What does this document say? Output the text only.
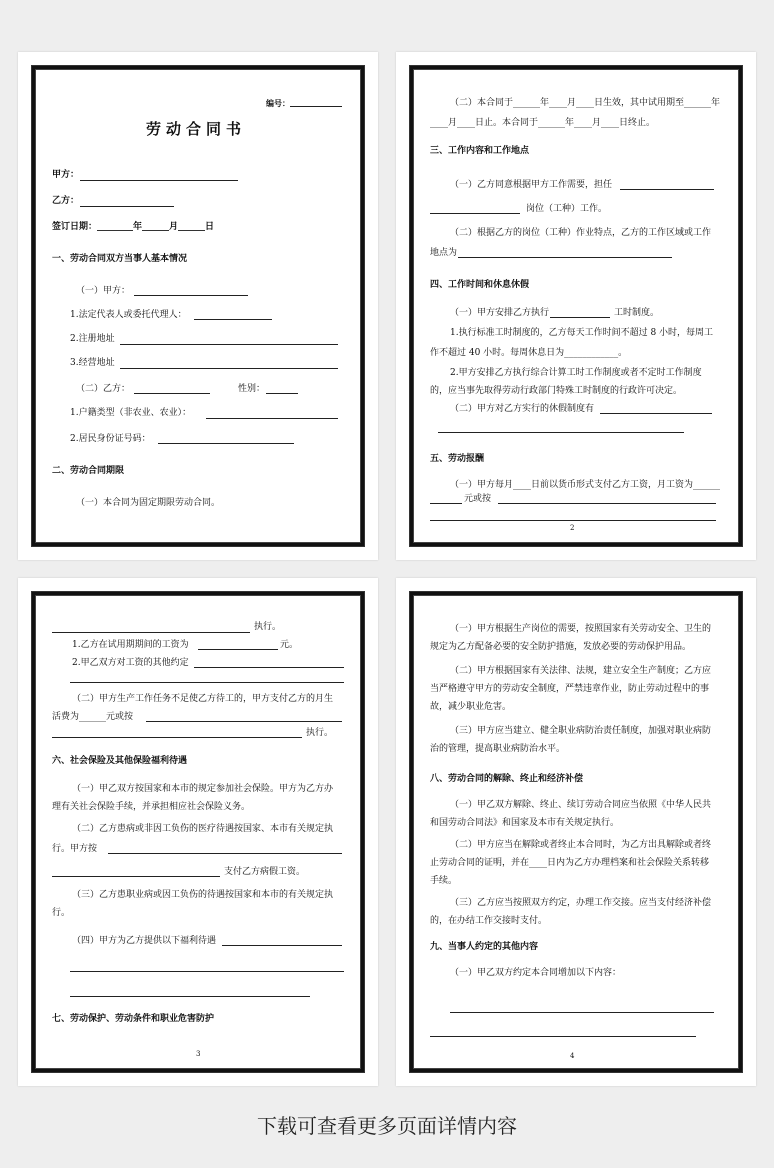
编号：
劳动合同书
甲方：
乙方：
签订日期：________年______月______日
一、劳动合同双方当事人基本情况
（一）甲方：
1.法定代表人或委托代理人：
2.注册地址
3.经营地址
（二）乙方：	性别：
1.户籍类型（非农业、农业）：
2.居民身份证号码：
二、劳动合同期限
（一）本合同为固定期限劳动合同。
（二）本合同于______年____月____日生效，其中试用期至______年
____月____日止。本合同于______年____月____日终止。
三、工作内容和工作地点
（一）乙方同意根据甲方工作需要，担任
岗位（工种）工作。
（二）根据乙方的岗位（工种）作业特点，乙方的工作区域或工作
地点为
四、工作时间和休息休假
（一）甲方安排乙方执行	工时制度。
1.执行标准工时制度的，乙方每天工作时间不超过 8 小时，每周工
作不超过 40 小时。每周休息日为____________。
2.甲方安排乙方执行综合计算工时工作制度或者不定时工作制度
的，应当事先取得劳动行政部门特殊工时制度的行政许可决定。
（二）甲方对乙方实行的休假制度有
五、劳动报酬
（一）甲方每月____日前以货币形式支付乙方工资，月工资为______
元或按
2
执行。
1.乙方在试用期期间的工资为	元。
2.甲乙双方对工资的其他约定
（二）甲方生产工作任务不足使乙方待工的，甲方支付乙方的月生
活费为______元或按
执行。
六、社会保险及其他保险福利待遇
（一）甲乙双方按国家和本市的规定参加社会保险。甲方为乙方办
理有关社会保险手续，并承担相应社会保险义务。
（二）乙方患病或非因工负伤的医疗待遇按国家、本市有关规定执
行。甲方按
支付乙方病假工资。
（三）乙方患职业病或因工负伤的待遇按国家和本市的有关规定执
行。
（四）甲方为乙方提供以下福利待遇
七、劳动保护、劳动条件和职业危害防护
3
（一）甲方根据生产岗位的需要，按照国家有关劳动安全、卫生的
规定为乙方配备必要的安全防护措施，发放必要的劳动保护用品。
（二）甲方根据国家有关法律、法规，建立安全生产制度；乙方应
当严格遵守甲方的劳动安全制度，严禁违章作业，防止劳动过程中的事
故，减少职业危害。
（三）甲方应当建立、健全职业病防治责任制度，加强对职业病防
治的管理，提高职业病防治水平。
八、劳动合同的解除、终止和经济补偿
（一）甲乙双方解除、终止、续订劳动合同应当依照《中华人民共
和国劳动合同法》和国家及本市有关规定执行。
（二）甲方应当在解除或者终止本合同时，为乙方出具解除或者终
止劳动合同的证明，并在____日内为乙方办理档案和社会保险关系转移
手续。
（三）乙方应当按照双方约定，办理工作交接。应当支付经济补偿
的，在办结工作交接时支付。
九、当事人约定的其他内容
（一）甲乙双方约定本合同增加以下内容：
4
下载可查看更多页面详情内容
